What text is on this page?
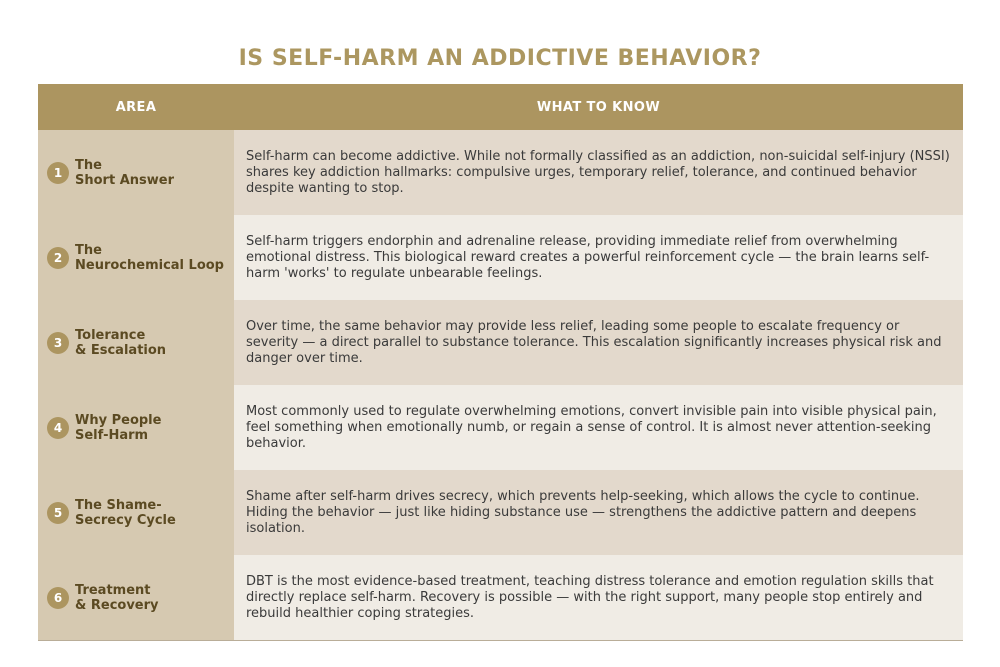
IS SELF-HARM AN ADDICTIVE BEHAVIOR?
AREA	WHAT TO KNOW
1 The
Short Answer
Self-harm can become addictive. While not formally classified as an addiction, non-suicidal self-injury (NSSI) shares key addiction hallmarks: compulsive urges, temporary relief, tolerance, and continued behavior despite wanting to stop.
2 The
Neurochemical Loop
Self-harm triggers endorphin and adrenaline release, providing immediate relief from overwhelming emotional distress. This biological reward creates a powerful reinforcement cycle — the brain learns self-harm 'works' to regulate unbearable feelings.
3 Tolerance
& Escalation
Over time, the same behavior may provide less relief, leading some people to escalate frequency or severity — a direct parallel to substance tolerance. This escalation significantly increases physical risk and danger over time.
4 Why People
Self-Harm
Most commonly used to regulate overwhelming emotions, convert invisible pain into visible physical pain, feel something when emotionally numb, or regain a sense of control. It is almost never attention-seeking behavior.
5 The Shame-
Secrecy Cycle
Shame after self-harm drives secrecy, which prevents help-seeking, which allows the cycle to continue. Hiding the behavior — just like hiding substance use — strengthens the addictive pattern and deepens isolation.
6 Treatment
& Recovery
DBT is the most evidence-based treatment, teaching distress tolerance and emotion regulation skills that directly replace self-harm. Recovery is possible — with the right support, many people stop entirely and rebuild healthier coping strategies.
